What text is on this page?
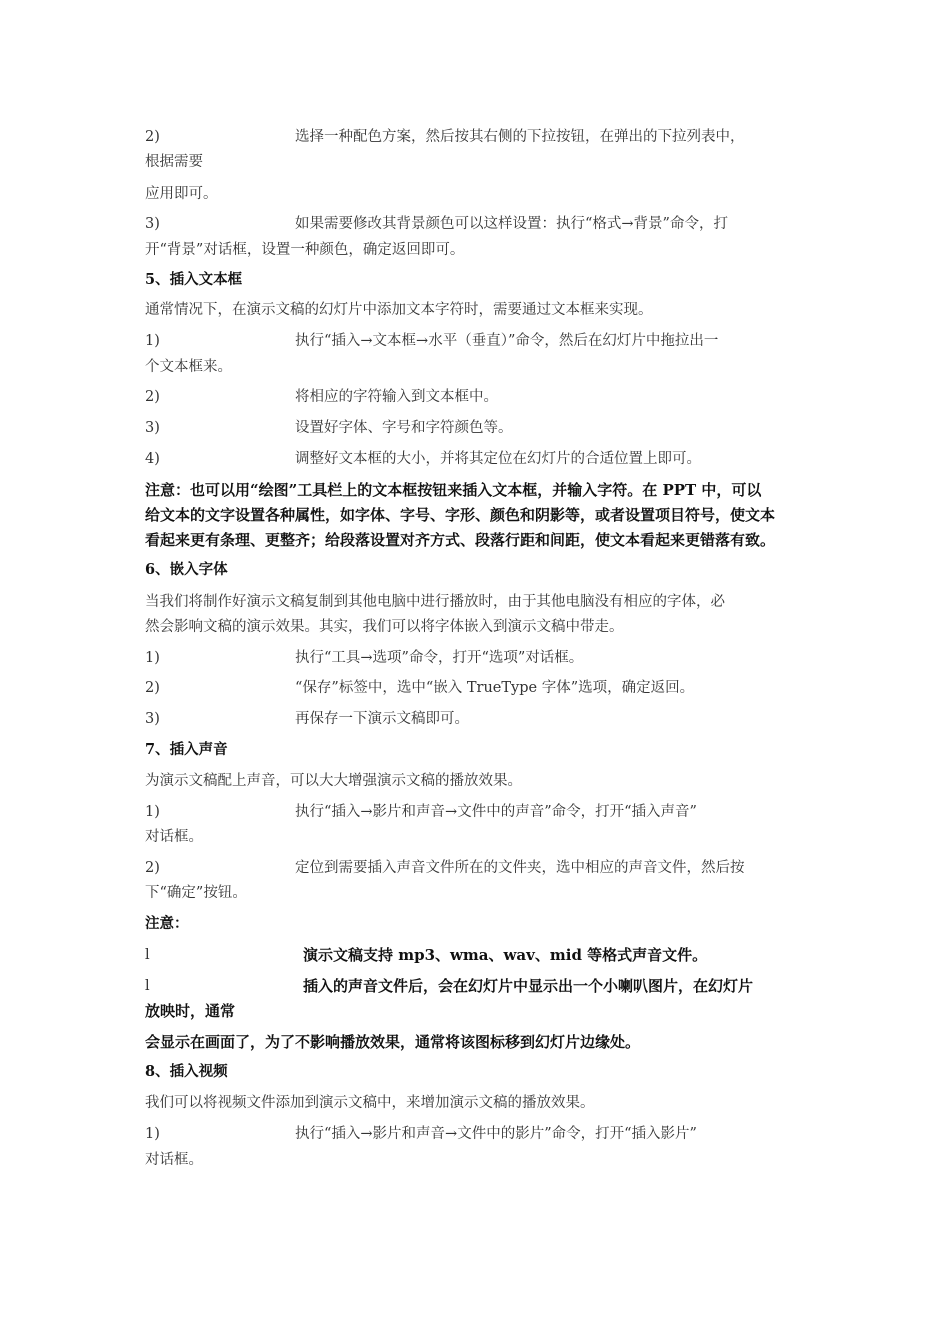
2)	选择一种配色方案，然后按其右侧的下拉按钮，在弹出的下拉列表中，
根据需要
应用即可。
3)	如果需要修改其背景颜色可以这样设置：执行“格式→背景”命令，打
开“背景”对话框，设置一种颜色，确定返回即可。
5、插入文本框
通常情况下，在演示文稿的幻灯片中添加文本字符时，需要通过文本框来实现。
1)	执行“插入→文本框→水平（垂直）”命令，然后在幻灯片中拖拉出一
个文本框来。
2)	将相应的字符输入到文本框中。
3)	设置好字体、字号和字符颜色等。
4)	调整好文本框的大小，并将其定位在幻灯片的合适位置上即可。
注意：也可以用“绘图”工具栏上的文本框按钮来插入文本框，并输入字符。在 PPT 中，可以
给文本的文字设置各种属性，如字体、字号、字形、颜色和阴影等，或者设置项目符号，使文本
看起来更有条理、更整齐；给段落设置对齐方式、段落行距和间距，使文本看起来更错落有致。
6、嵌入字体
当我们将制作好演示文稿复制到其他电脑中进行播放时，由于其他电脑没有相应的字体，必
然会影响文稿的演示效果。其实，我们可以将字体嵌入到演示文稿中带走。
1)	执行“工具→选项”命令，打开“选项”对话框。
2)	“保存”标签中，选中“嵌入 TrueType 字体”选项，确定返回。
3)	再保存一下演示文稿即可。
7、插入声音
为演示文稿配上声音，可以大大增强演示文稿的播放效果。
1)	执行“插入→影片和声音→文件中的声音”命令，打开“插入声音”
对话框。
2)	定位到需要插入声音文件所在的文件夹，选中相应的声音文件，然后按
下“确定”按钮。
注意：
l	演示文稿支持 mp3、wma、wav、mid 等格式声音文件。
l	插入的声音文件后，会在幻灯片中显示出一个小喇叭图片，在幻灯片
放映时，通常
会显示在画面了，为了不影响播放效果，通常将该图标移到幻灯片边缘处。
8、插入视频
我们可以将视频文件添加到演示文稿中，来增加演示文稿的播放效果。
1)	执行“插入→影片和声音→文件中的影片”命令，打开“插入影片”
对话框。
